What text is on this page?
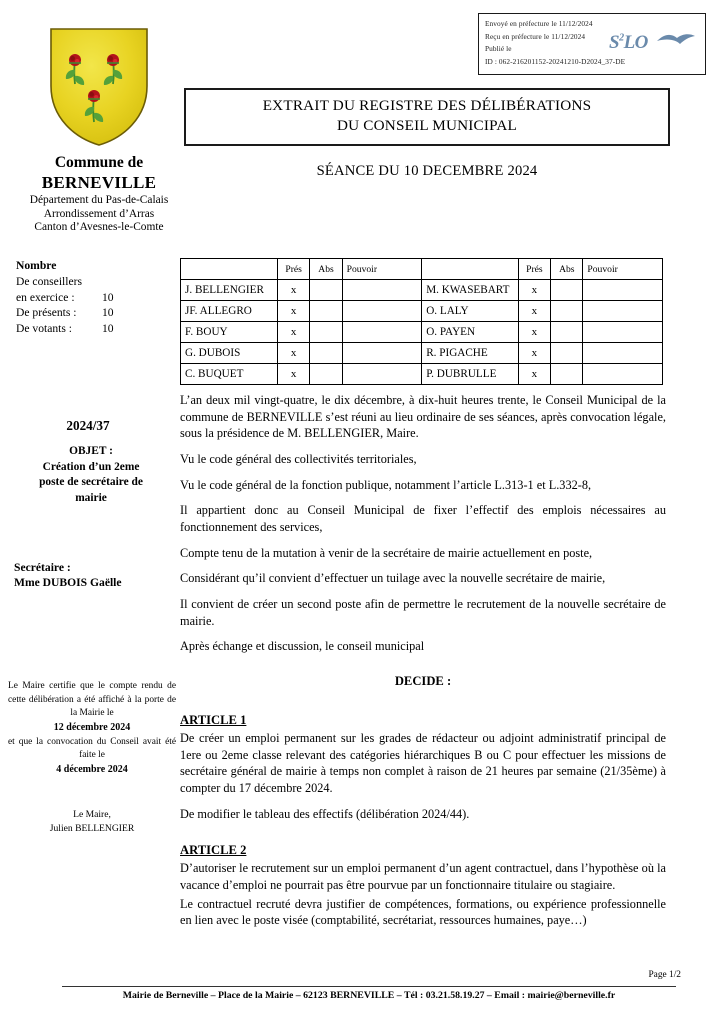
Envoyé en préfecture le 11/12/2024
Reçu en préfecture le 11/12/2024
Publié le
ID : 062-216201152-20241210-D2024_37-DE
$S^2LO$
Commune de
BERNEVILLE
Département du Pas-de-Calais
Arrondissement d’Arras
Canton d’Avesnes-le-Comte
EXTRAIT DU REGISTRE DES DÉLIBÉRATIONS
DU CONSEIL MUNICIPAL
SÉANCE DU 10 DECEMBRE 2024
Nombre
De conseillers
en exercice :	10
De présents :	10
De votants :	10
2024/37
OBJET :
Création d’un 2eme
poste de secrétaire de
mairie
Secrétaire :
Mme DUBOIS Gaëlle
Le Maire certifie que le compte rendu de cette délibération a été affiché à la porte de la Mairie le
12 décembre 2024
et que la convocation du Conseil avait été faite le
4 décembre 2024
Le Maire,
Julien BELLENGIER
	Prés	Abs	Pouvoir		Prés	Abs	Pouvoir
J. BELLENGIER	x			M. KWASEBART	x		
JF. ALLEGRO	x			O. LALY	x		
F. BOUY	x			O. PAYEN	x		
G. DUBOIS	x			R. PIGACHE	x		
C. BUQUET	x			P. DUBRULLE	x		

L’an deux mil vingt-quatre, le dix décembre, à dix-huit heures trente, le Conseil Municipal de la commune de BERNEVILLE s’est réuni au lieu ordinaire de ses séances, après convocation légale, sous la présidence de M. BELLENGIER, Maire.

Vu le code général des collectivités territoriales,

Vu le code général de la fonction publique, notamment l’article L.313-1 et L.332-8,

Il appartient donc au Conseil Municipal de fixer l’effectif des emplois nécessaires au fonctionnement des services,

Compte tenu de la mutation à venir de la secrétaire de mairie actuellement en poste,

Considérant qu’il convient d’effectuer un tuilage avec la nouvelle secrétaire de mairie,

Il convient de créer un second poste afin de permettre le recrutement de la nouvelle secrétaire de mairie.

Après échange et discussion, le conseil municipal

DECIDE :

ARTICLE 1

De créer un emploi permanent sur les grades de rédacteur ou adjoint administratif principal de 1ere ou 2eme classe relevant des catégories hiérarchiques B ou C pour effectuer les missions de secrétaire général de mairie à temps non complet à raison de 21 heures par semaine (21/35ème) à compter du 17 décembre 2024.

De modifier le tableau des effectifs (délibération 2024/44).

ARTICLE 2

D’autoriser le recrutement sur un emploi permanent d’un agent contractuel, dans l’hypothèse où la vacance d’emploi ne pourrait pas être pourvue par un fonctionnaire titulaire ou stagiaire.

Le contractuel recruté devra justifier de compétences, formations, ou expérience professionnelle en lien avec le poste visée (comptabilité, secrétariat, ressources humaines, paye…)

Page 1/2
Mairie de Berneville – Place de la Mairie – 62123 BERNEVILLE – Tél : 03.21.58.19.27 – Email : mairie@berneville.fr
